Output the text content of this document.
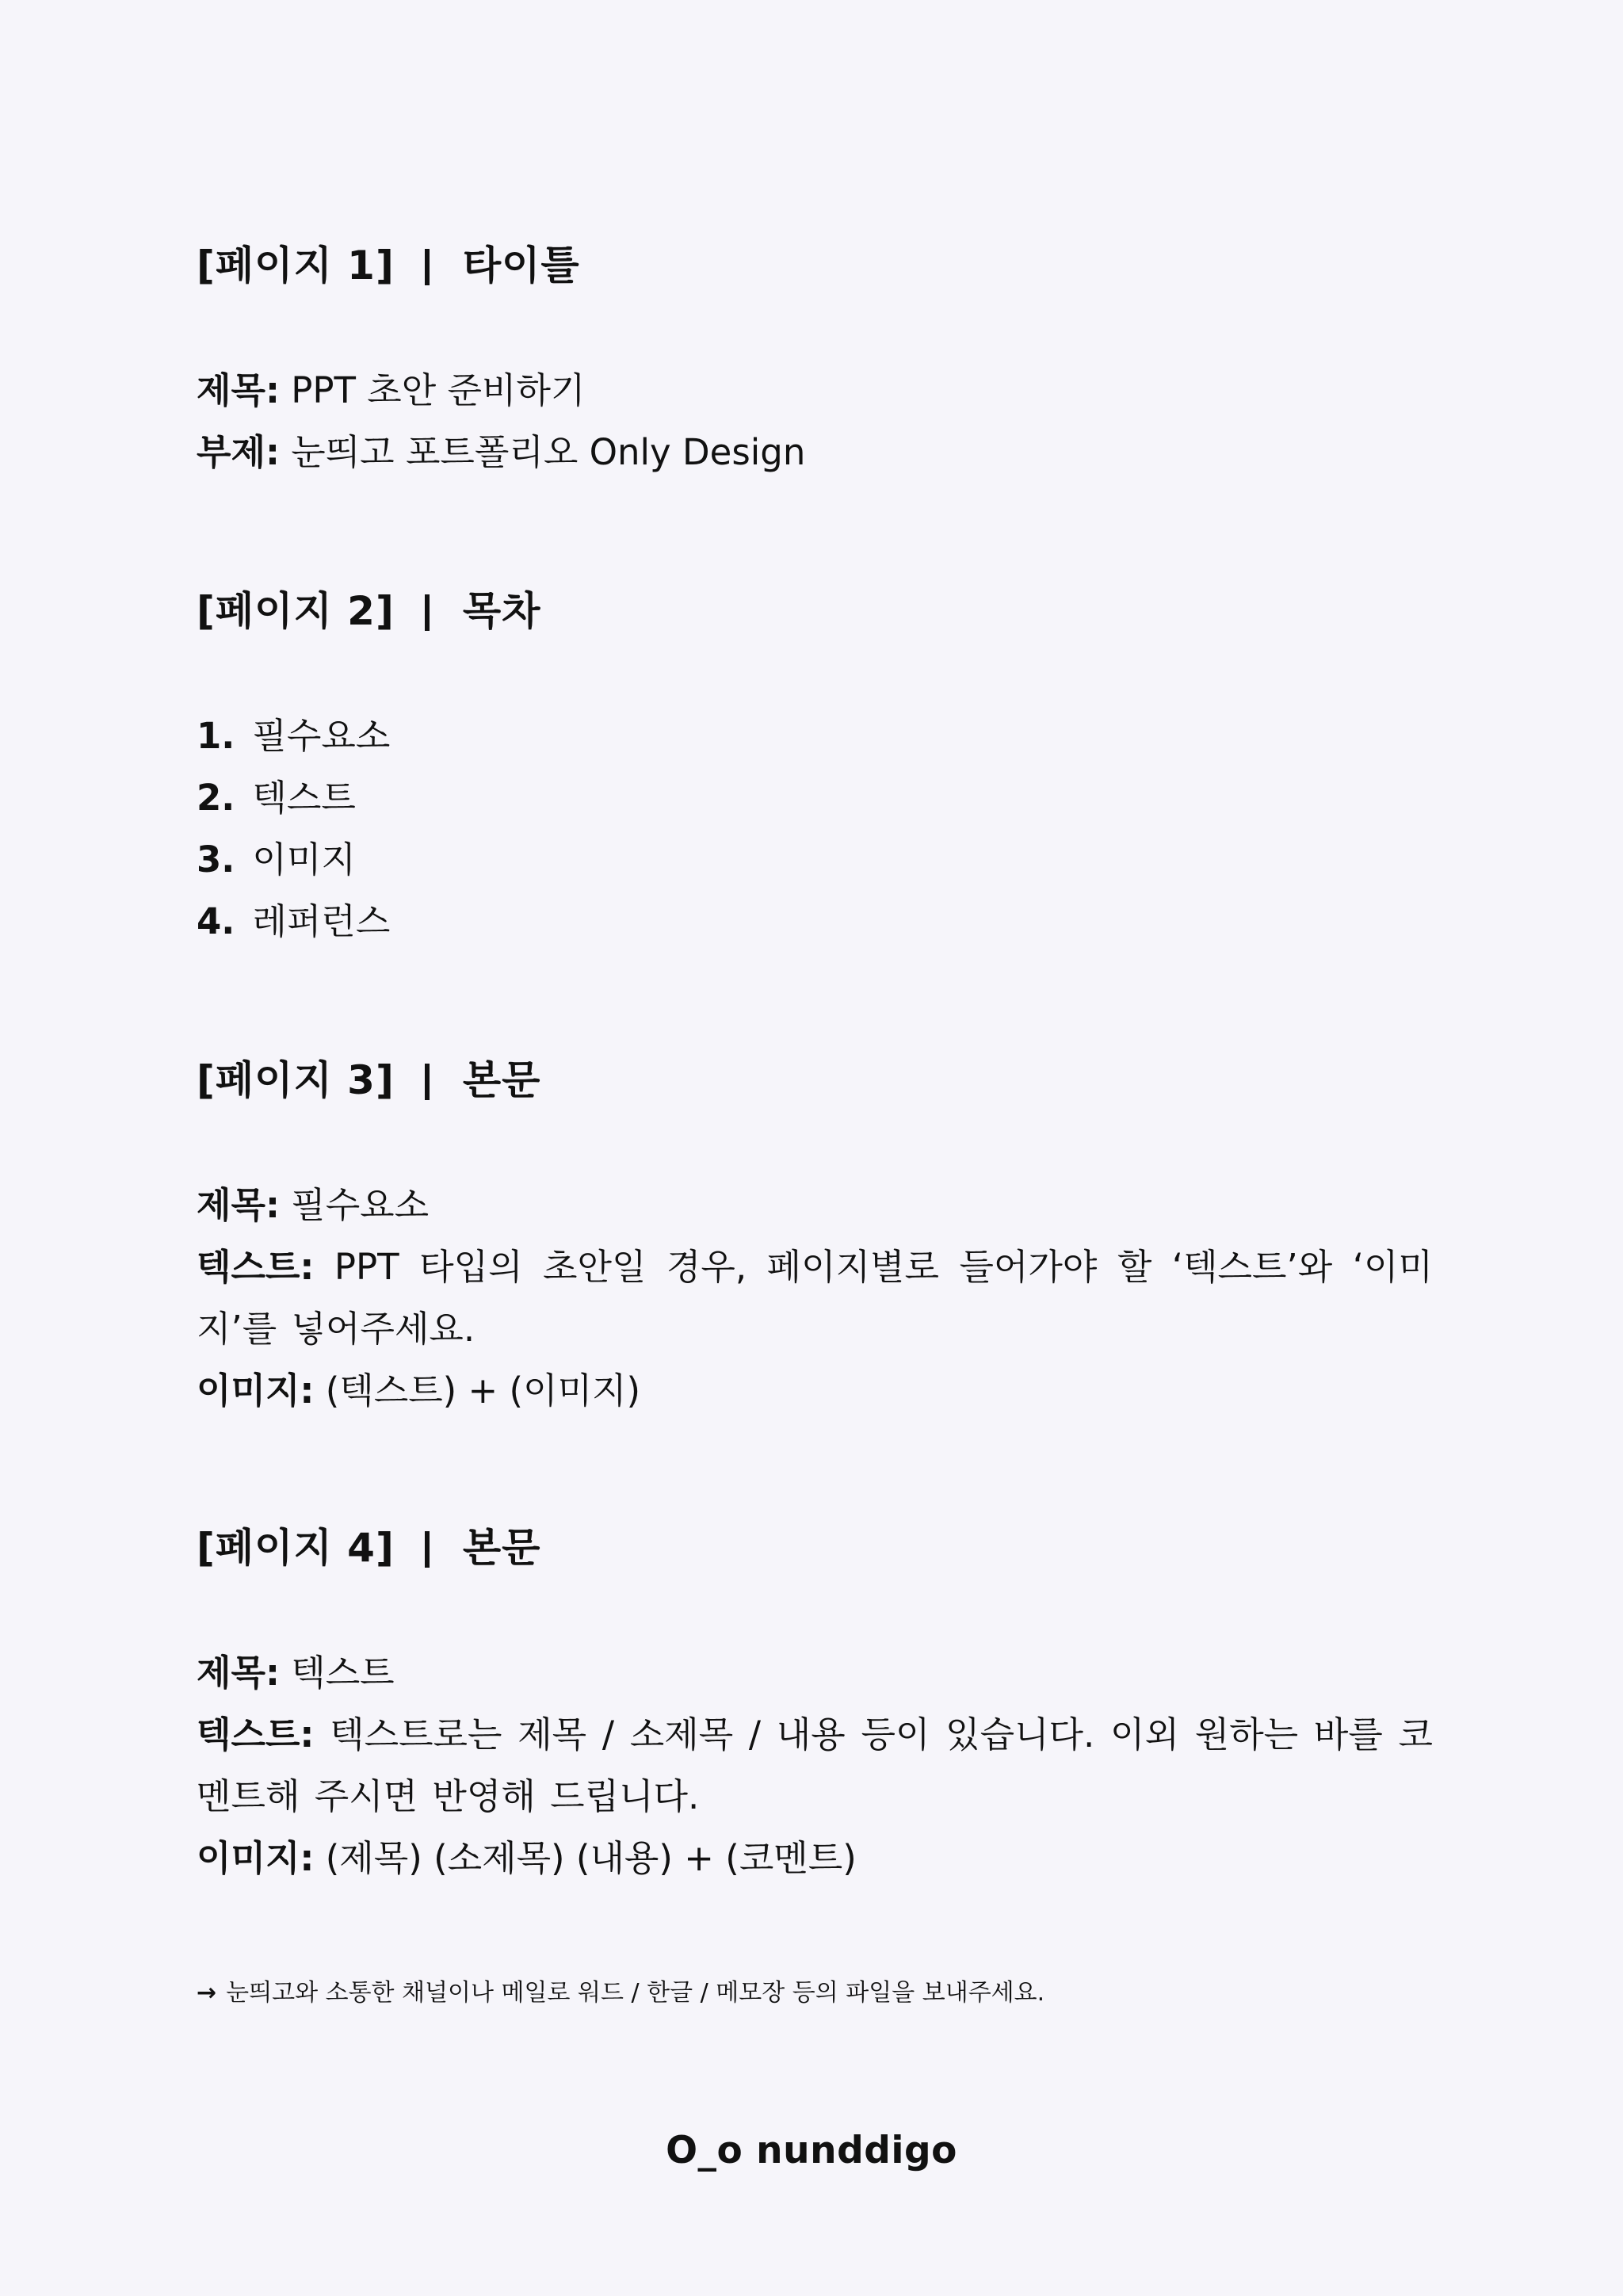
[페이지 1] 타이틀
제목: PPT 초안 준비하기
부제: 눈띄고 포트폴리오 Only Design
[페이지 2] 목차
1. 필수요소
2. 텍스트
3. 이미지
4. 레퍼런스
[페이지 3] 본문
제목: 필수요소
텍스트: PPT 타입의 초안일 경우, 페이지별로 들어가야 할 ‘텍스트’와 ‘이미지’를 넣어주세요.
이미지: (텍스트) + (이미지)
[페이지 4] 본문
제목: 텍스트
텍스트: 텍스트로는 제목 / 소제목 / 내용 등이 있습니다. 이외 원하는 바를 코멘트해 주시면 반영해 드립니다.
이미지: (제목) (소제목) (내용) + (코멘트)
→ 눈띄고와 소통한 채널이나 메일로 워드 / 한글 / 메모장 등의 파일을 보내주세요.
O_o nunddigo
